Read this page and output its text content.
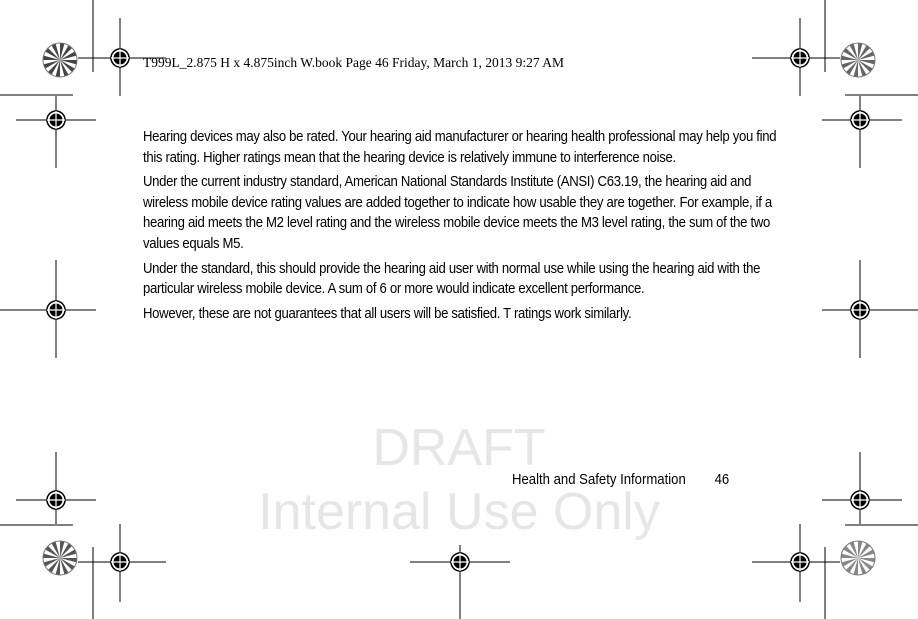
T999L_2.875 H x 4.875inch W.book Page 46 Friday, March 1, 2013 9:27 AM
DRAFT
Internal Use Only

Hearing devices may also be rated. Your hearing aid manufacturer or hearing health professional may help you find this rating. Higher ratings mean that the hearing device is relatively immune to interference noise.

Under the current industry standard, American National Standards Institute (ANSI) C63.19, the hearing aid and wireless mobile device rating values are added together to indicate how usable they are together. For example, if a hearing aid meets the M2 level rating and the wireless mobile device meets the M3 level rating, the sum of the two values equals M5.

Under the standard, this should provide the hearing aid user with normal use while using the hearing aid with the particular wireless mobile device. A sum of 6 or more would indicate excellent performance.

However, these are not guarantees that all users will be satisfied. T ratings work similarly.

Health and Safety Information 46
